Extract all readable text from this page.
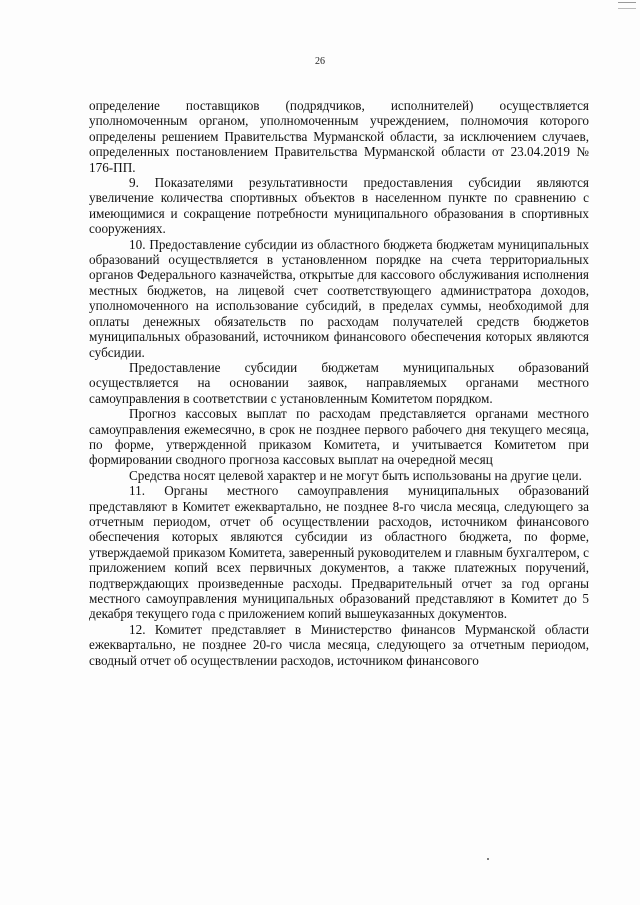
26

определение поставщиков (подрядчиков, исполнителей) осуществляется уполномоченным органом, уполномоченным учреждением, полномочия которого определены решением Правительства Мурманской области, за исключением случаев, определенных постановлением Правительства Мурманской области от 23.04.2019 № 176-ПП.

9. Показателями результативности предоставления субсидии являются увеличение количества спортивных объектов в населенном пункте по сравнению с имеющимися и сокращение потребности муниципального образования в спортивных сооружениях.

10. Предоставление субсидии из областного бюджета бюджетам муниципальных образований осуществляется в установленном порядке на счета территориальных органов Федерального казначейства, открытые для кассового обслуживания исполнения местных бюджетов, на лицевой счет соответствующего администратора доходов, уполномоченного на использование субсидий, в пределах суммы, необходимой для оплаты денежных обязательств по расходам получателей средств бюджетов муниципальных образований, источником финансового обеспечения которых являются субсидии.

Предоставление субсидии бюджетам муниципальных образований осуществляется на основании заявок, направляемых органами местного самоуправления в соответствии с установленным Комитетом порядком.

Прогноз кассовых выплат по расходам представляется органами местного самоуправления ежемесячно, в срок не позднее первого рабочего дня текущего месяца, по форме, утвержденной приказом Комитета, и учитывается Комитетом при формировании сводного прогноза кассовых выплат на очередной месяц

Средства носят целевой характер и не могут быть использованы на другие цели.

11. Органы местного самоуправления муниципальных образований представляют в Комитет ежеквартально, не позднее 8-го числа месяца, следующего за отчетным периодом, отчет об осуществлении расходов, источником финансового обеспечения которых являются субсидии из областного бюджета, по форме, утверждаемой приказом Комитета, заверенный руководителем и главным бухгалтером, с приложением копий всех первичных документов, а также платежных поручений, подтверждающих произведенные расходы. Предварительный отчет за год органы местного самоуправления муниципальных образований представляют в Комитет до 5 декабря текущего года с приложением копий вышеуказанных документов.

12. Комитет представляет в Министерство финансов Мурманской области ежеквартально, не позднее 20-го числа месяца, следующего за отчетным периодом, сводный отчет об осуществлении расходов, источником финансового
